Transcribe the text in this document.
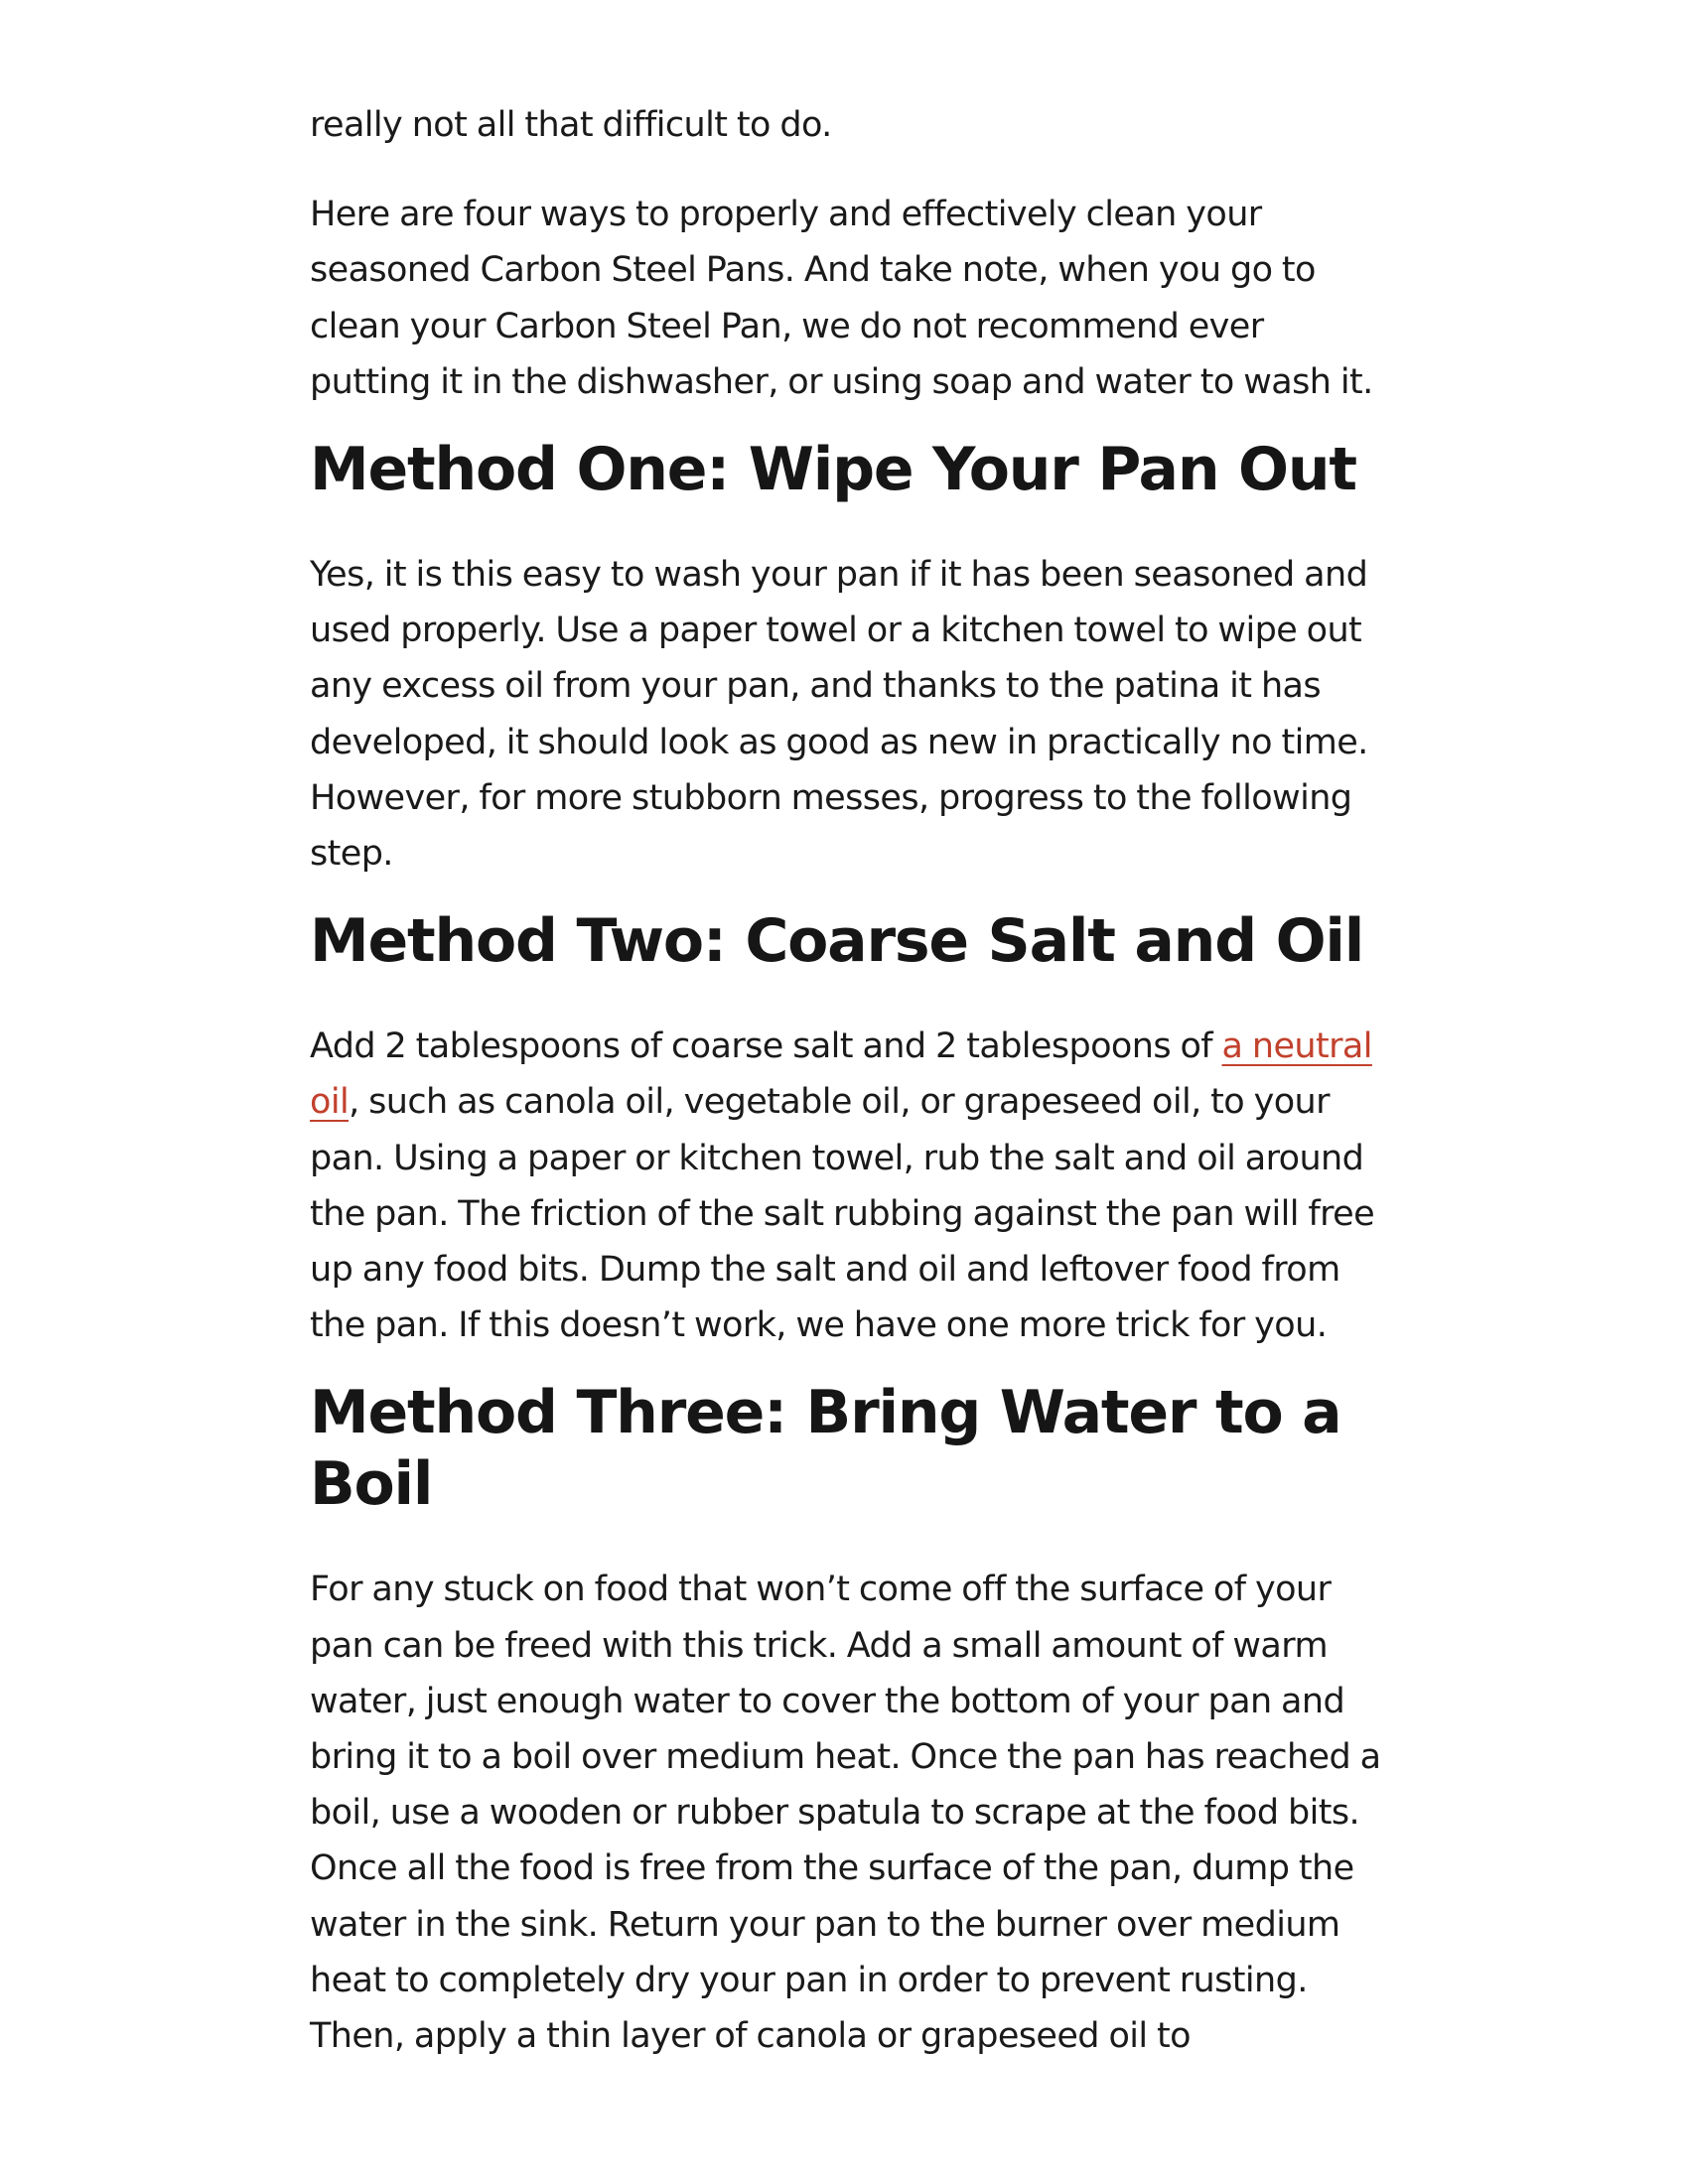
really not all that difficult to do.

Here are four ways to properly and effectively clean your seasoned Carbon Steel Pans. And take note, when you go to clean your Carbon Steel Pan, we do not recommend ever putting it in the dishwasher, or using soap and water to wash it.

Method One: Wipe Your Pan Out

Yes, it is this easy to wash your pan if it has been seasoned and used properly. Use a paper towel or a kitchen towel to wipe out any excess oil from your pan, and thanks to the patina it has developed, it should look as good as new in practically no time. However, for more stubborn messes, progress to the following step.

Method Two: Coarse Salt and Oil

Add 2 tablespoons of coarse salt and 2 tablespoons of a neutral oil, such as canola oil, vegetable oil, or grapeseed oil, to your pan. Using a paper or kitchen towel, rub the salt and oil around the pan. The friction of the salt rubbing against the pan will free up any food bits. Dump the salt and oil and leftover food from the pan. If this doesn’t work, we have one more trick for you.

Method Three: Bring Water to a Boil

For any stuck on food that won’t come off the surface of your pan can be freed with this trick. Add a small amount of warm water, just enough water to cover the bottom of your pan and bring it to a boil over medium heat. Once the pan has reached a boil, use a wooden or rubber spatula to scrape at the food bits. Once all the food is free from the surface of the pan, dump the water in the sink. Return your pan to the burner over medium heat to completely dry your pan in order to prevent rusting. Then, apply a thin layer of canola or grapeseed oil to
